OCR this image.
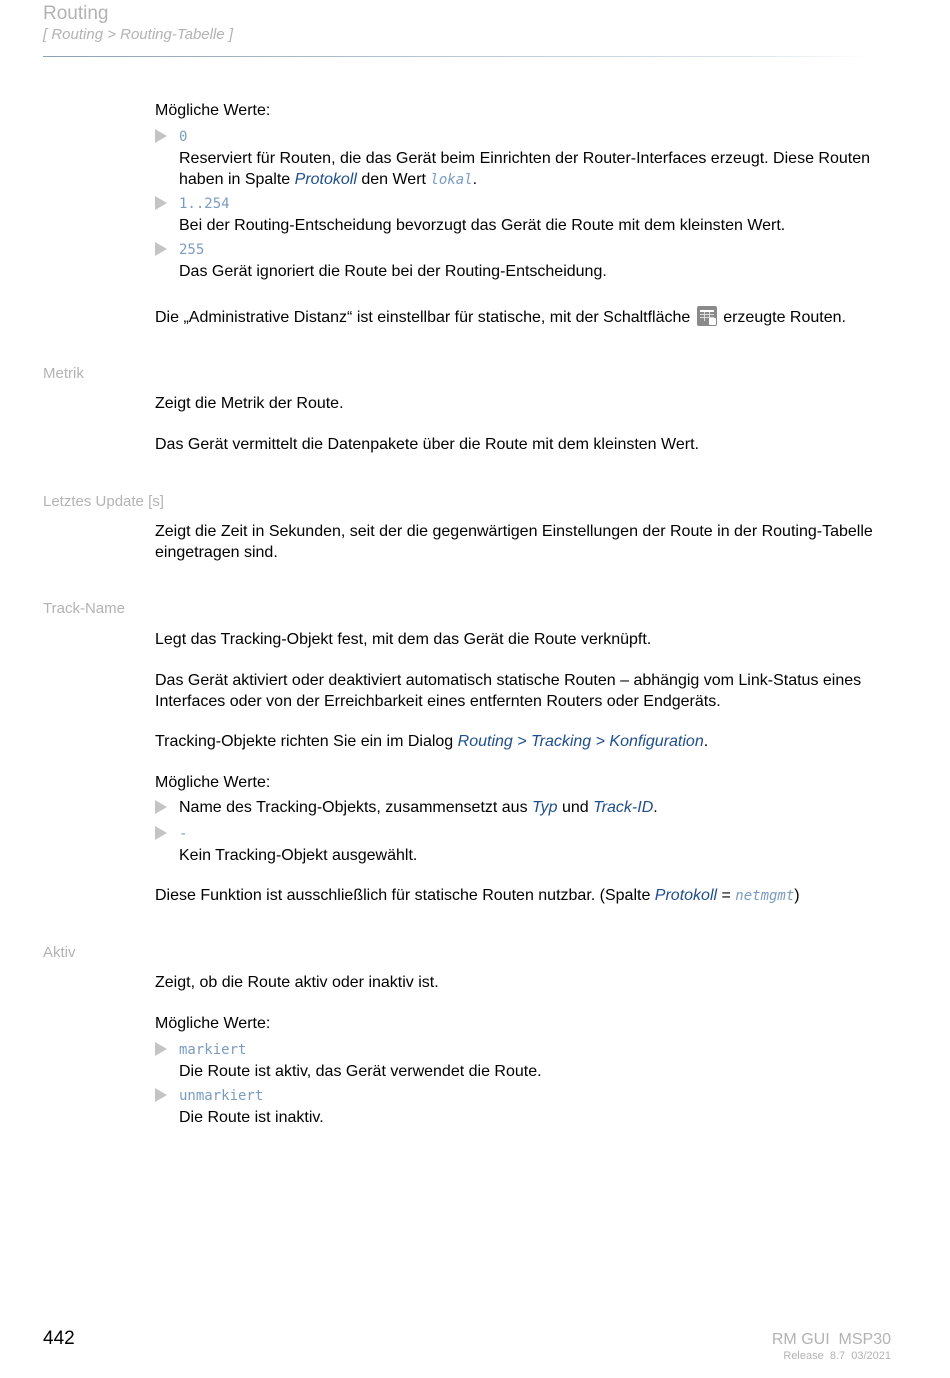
Routing
[ Routing > Routing-Tabelle ]
Mögliche Werte:
0
Reserviert für Routen, die das Gerät beim Einrichten der Router-Interfaces erzeugt. Diese Routen haben in Spalte Protokoll den Wert lokal.
1..254
Bei der Routing-Entscheidung bevorzugt das Gerät die Route mit dem kleinsten Wert.
255
Das Gerät ignoriert die Route bei der Routing-Entscheidung.
Die „Administrative Distanz“ ist einstellbar für statische, mit der Schaltfläche  erzeugte Routen.
Metrik
Zeigt die Metrik der Route.
Das Gerät vermittelt die Datenpakete über die Route mit dem kleinsten Wert.
Letztes Update [s]
Zeigt die Zeit in Sekunden, seit der die gegenwärtigen Einstellungen der Route in der Routing-Tabelle eingetragen sind.
Track-Name
Legt das Tracking-Objekt fest, mit dem das Gerät die Route verknüpft.
Das Gerät aktiviert oder deaktiviert automatisch statische Routen – abhängig vom Link-Status eines Interfaces oder von der Erreichbarkeit eines entfernten Routers oder Endgeräts.
Tracking-Objekte richten Sie ein im Dialog Routing > Tracking > Konfiguration.
Mögliche Werte:
Name des Tracking-Objekts, zusammensetzt aus Typ und Track-ID.
-
Kein Tracking-Objekt ausgewählt.
Diese Funktion ist ausschließlich für statische Routen nutzbar. (Spalte Protokoll = netmgmt)
Aktiv
Zeigt, ob die Route aktiv oder inaktiv ist.
Mögliche Werte:
markiert
Die Route ist aktiv, das Gerät verwendet die Route.
unmarkiert
Die Route ist inaktiv.
442	RM GUI  MSP30
Release  8.7  03/2021
